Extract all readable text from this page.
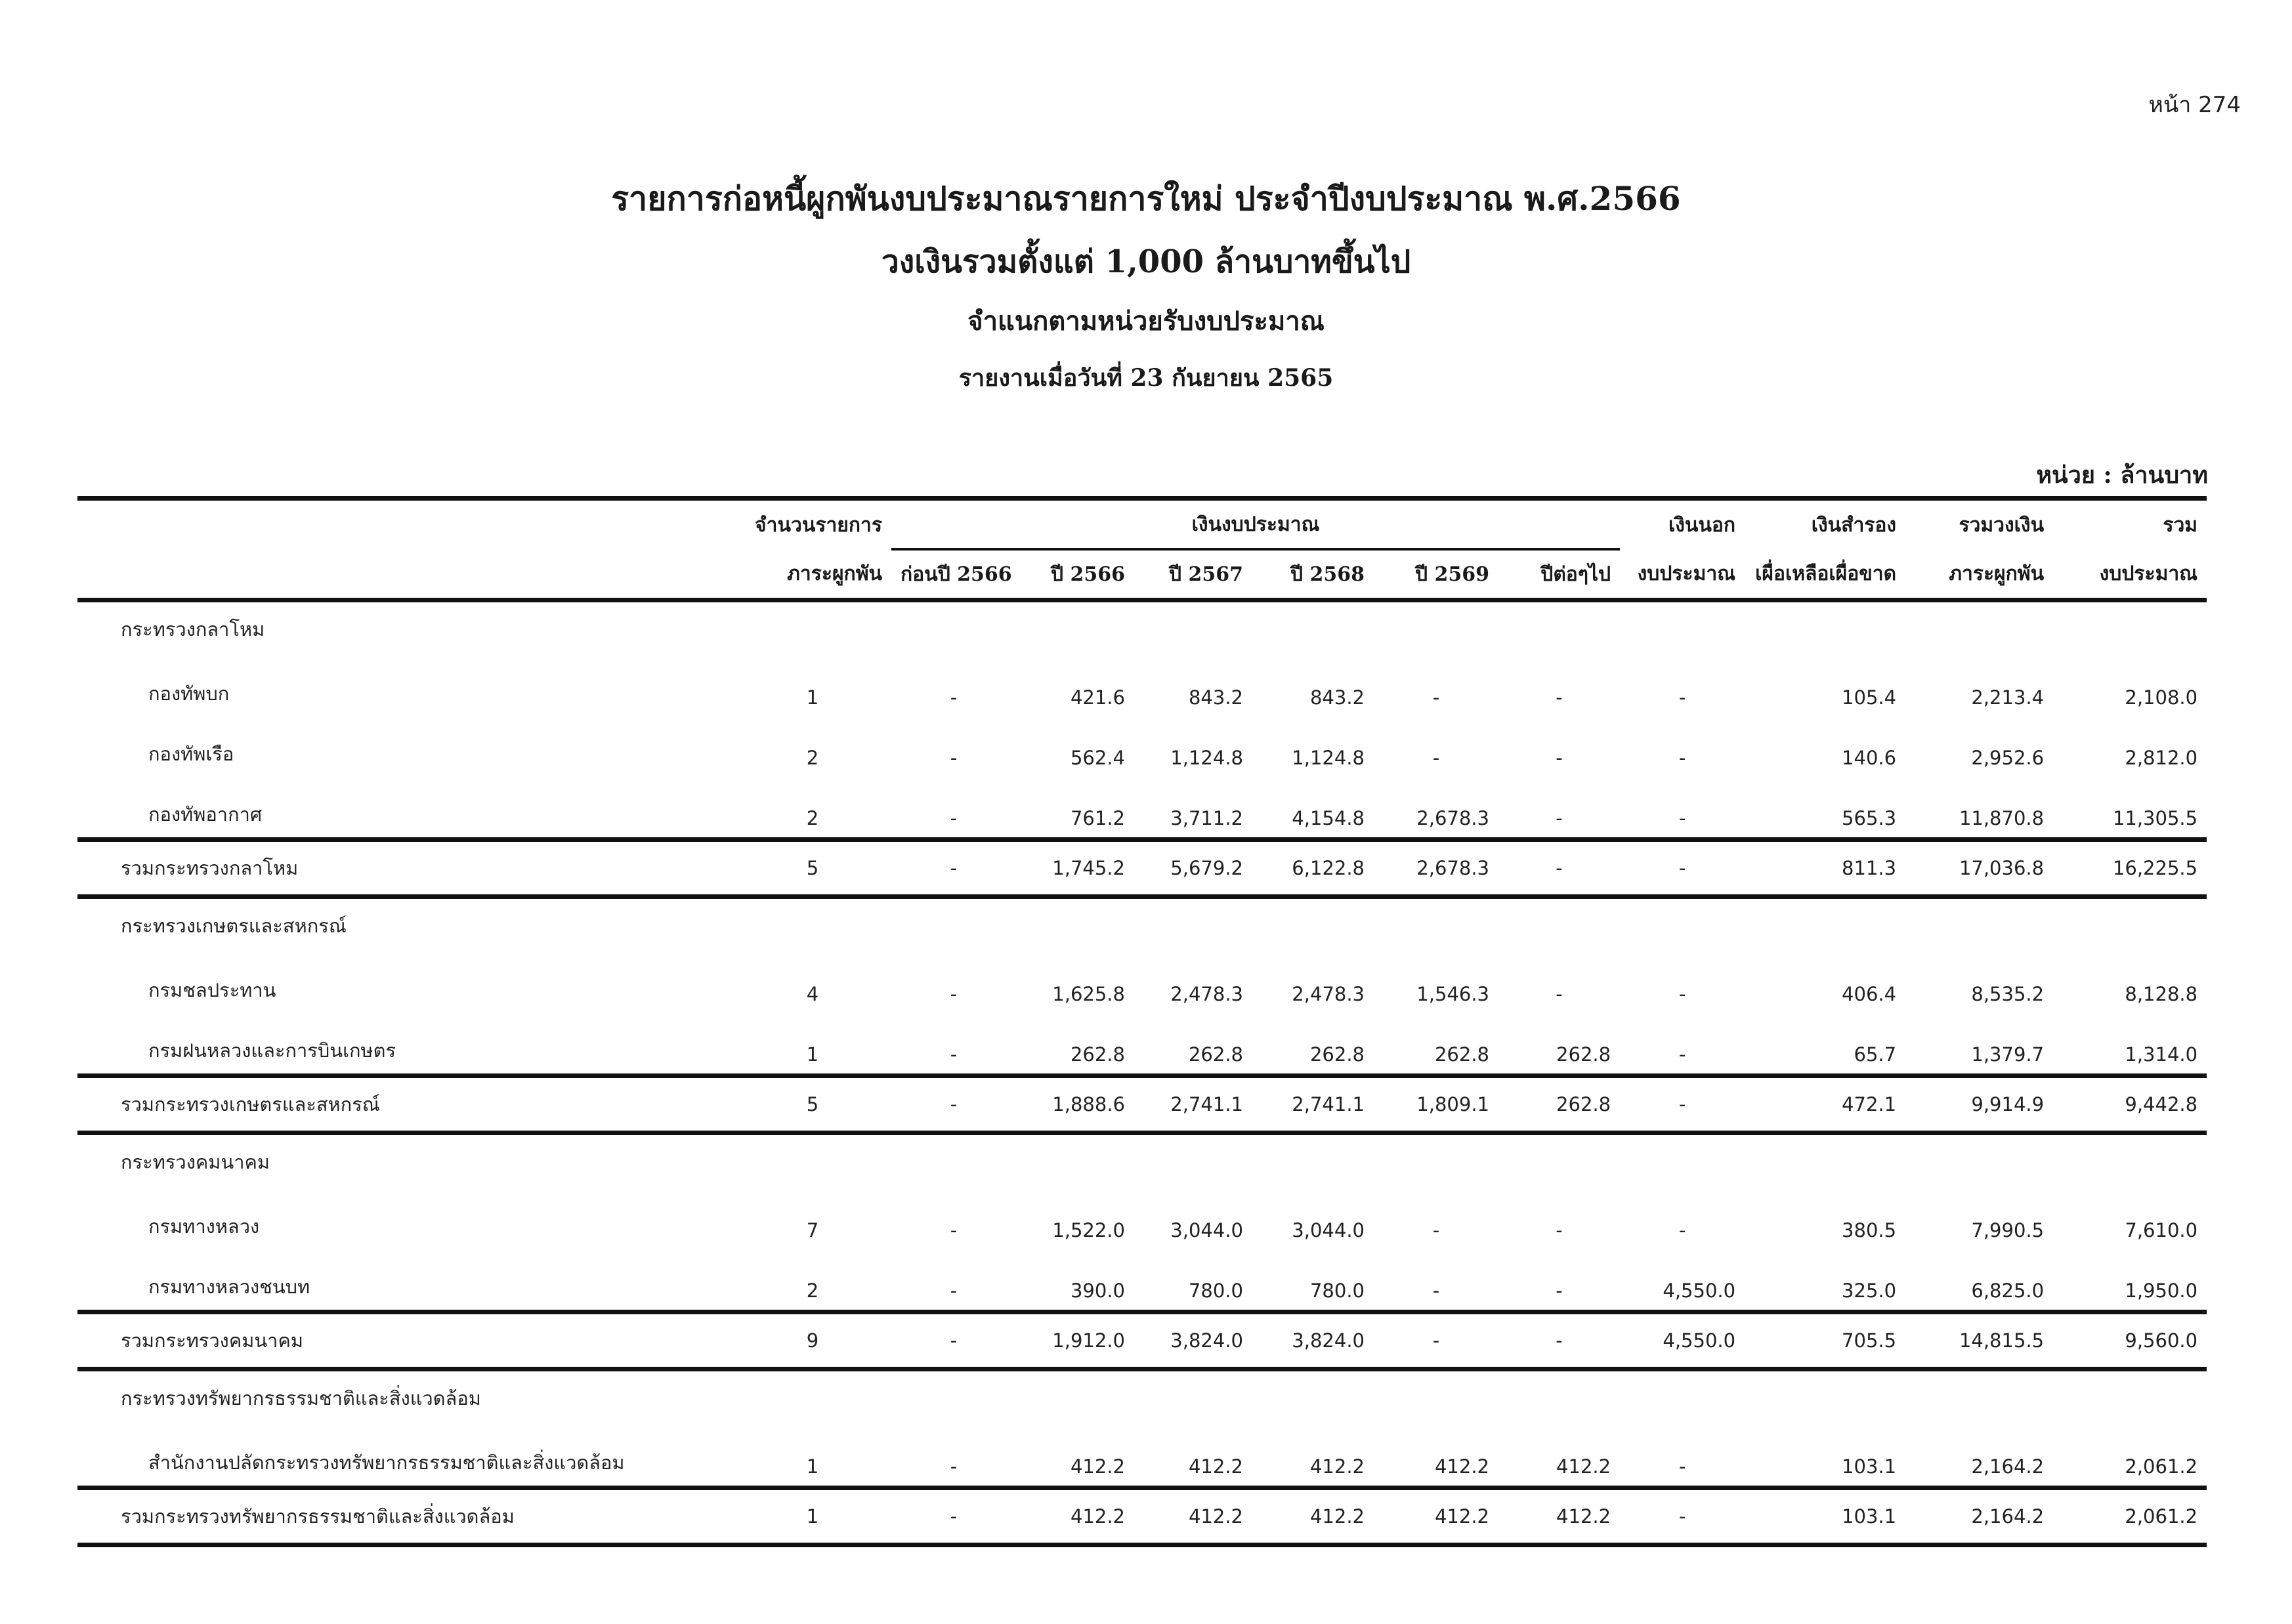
หน้า 274
รายการก่อหนี้ผูกพันงบประมาณรายการใหม่ ประจำปีงบประมาณ พ.ศ.2566
วงเงินรวมตั้งแต่ 1,000 ล้านบาทขึ้นไป
จำแนกตามหน่วยรับงบประมาณ
รายงานเมื่อวันที่ 23 กันยายน 2565
หน่วย : ล้านบาท
	จำนวนรายการ	เงินงบประมาณ						เงินนอก	เงินสำรอง	รวมวงเงิน	รวม
	ภาระผูกพัน	ก่อนปี 2566	ปี 2566	ปี 2567	ปี 2568	ปี 2569	ปีต่อๆไป	งบประมาณ	เผื่อเหลือเผื่อขาด	ภาระผูกพัน	งบประมาณ
กระทรวงกลาโหม											
กองทัพบก	1	-	421.6	843.2	843.2	-	-	-	105.4	2,213.4	2,108.0
กองทัพเรือ	2	-	562.4	1,124.8	1,124.8	-	-	-	140.6	2,952.6	2,812.0
กองทัพอากาศ	2	-	761.2	3,711.2	4,154.8	2,678.3	-	-	565.3	11,870.8	11,305.5
รวมกระทรวงกลาโหม	5	-	1,745.2	5,679.2	6,122.8	2,678.3	-	-	811.3	17,036.8	16,225.5
กระทรวงเกษตรและสหกรณ์											
กรมชลประทาน	4	-	1,625.8	2,478.3	2,478.3	1,546.3	-	-	406.4	8,535.2	8,128.8
กรมฝนหลวงและการบินเกษตร	1	-	262.8	262.8	262.8	262.8	262.8	-	65.7	1,379.7	1,314.0
รวมกระทรวงเกษตรและสหกรณ์	5	-	1,888.6	2,741.1	2,741.1	1,809.1	262.8	-	472.1	9,914.9	9,442.8
กระทรวงคมนาคม											
กรมทางหลวง	7	-	1,522.0	3,044.0	3,044.0	-	-	-	380.5	7,990.5	7,610.0
กรมทางหลวงชนบท	2	-	390.0	780.0	780.0	-	-	4,550.0	325.0	6,825.0	1,950.0
รวมกระทรวงคมนาคม	9	-	1,912.0	3,824.0	3,824.0	-	-	4,550.0	705.5	14,815.5	9,560.0
กระทรวงทรัพยากรธรรมชาติและสิ่งแวดล้อม											
สำนักงานปลัดกระทรวงทรัพยากรธรรมชาติและสิ่งแวดล้อม	1	-	412.2	412.2	412.2	412.2	412.2	-	103.1	2,164.2	2,061.2
รวมกระทรวงทรัพยากรธรรมชาติและสิ่งแวดล้อม	1	-	412.2	412.2	412.2	412.2	412.2	-	103.1	2,164.2	2,061.2
